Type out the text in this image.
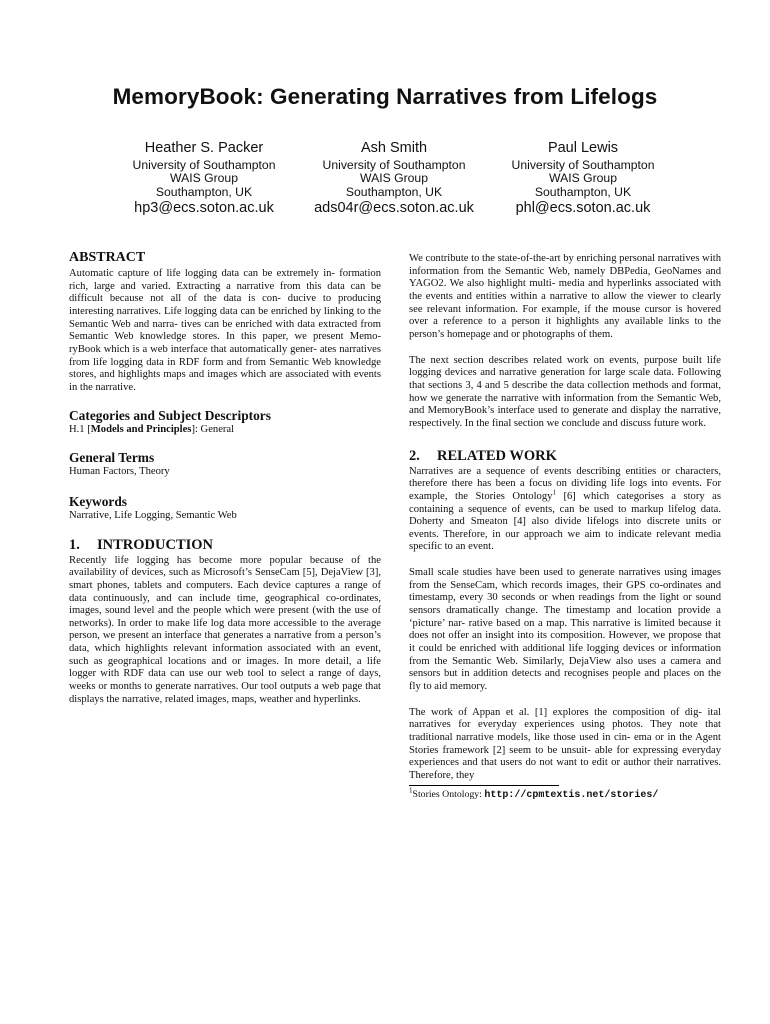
MemoryBook: Generating Narratives from Lifelogs
Heather S. Packer
University of Southampton
WAIS Group
Southampton, UK
hp3@ecs.soton.ac.uk
Ash Smith
University of Southampton
WAIS Group
Southampton, UK
ads04r@ecs.soton.ac.uk
Paul Lewis
University of Southampton
WAIS Group
Southampton, UK
phl@ecs.soton.ac.uk
ABSTRACT

Automatic capture of life logging data can be extremely in- formation rich, large and varied. Extracting a narrative from this data can be difficult because not all of the data is con- ducive to producing interesting narratives. Life logging data can be enriched by linking to the Semantic Web and narra- tives can be enriched with data extracted from Semantic Web knowledge stores. In this paper, we present Memo- ryBook which is a web interface that automatically gener- ates narratives from life logging data in RDF form and from Semantic Web knowledge stores, and highlights maps and images which are associated with events in the narrative.

Categories and Subject Descriptors

H.1 [Models and Principles]: General

General Terms

Human Factors, Theory

Keywords

Narrative, Life Logging, Semantic Web

1. INTRODUCTION

Recently life logging has become more popular because of the availability of devices, such as Microsoft’s SenseCam [5], DejaView [3], smart phones, tablets and computers. Each device captures a range of data continuously, and can include time, geographical co-ordinates, images, sound level and the people which were present (with the use of networks). In order to make life log data more accessible to the average person, we present an interface that generates a narrative from a person’s data, which highlights relevant information associated with an event, such as geographical locations and or images. In more detail, a life logger with RDF data can use our web tool to select a range of days, weeks or months to generate narratives. Our tool outputs a web page that displays the narrative, related images, maps, weather and hyperlinks.

We contribute to the state-of-the-art by enriching personal narratives with information from the Semantic Web, namely DBPedia, GeoNames and YAGO2. We also highlight multi- media and hyperlinks associated with the events and entities within a narrative to allow the viewer to clearly see relevant information. For example, if the mouse cursor is hovered over a reference to a person it highlights any available links to the person’s homepage and or photographs of them.

The next section describes related work on events, purpose built life logging devices and narrative generation for large scale data. Following that sections 3, 4 and 5 describe the data collection methods and format, how we generate the narrative with information from the Semantic Web, and MemoryBook’s interface used to generate and display the narrative, respectively. In the final section we conclude and discuss future work.

2. RELATED WORK

Narratives are a sequence of events describing entities or characters, therefore there has been a focus on dividing life logs into events. For example, the Stories Ontology$^1$ [6] which categorises a story as containing a sequence of events, can be used to markup lifelog data. Doherty and Smeaton [4] also divide lifelogs into discrete units or events. Therefore, in our approach we aim to indicate relevant media specific to an event.

Small scale studies have been used to generate narratives using images from the SenseCam, which records images, their GPS co-ordinates and timestamp, every 30 seconds or when readings from the light or sound sensors dramatically change. The timestamp and location provide a ‘picture’ nar- rative based on a map. This narrative is limited because it does not offer an insight into its composition. However, we propose that it could be enriched with additional life logging devices or information from the Semantic Web. Similarly, DejaView also uses a camera and sensors but in addition detects and recognises people and places on the fly to aid memory.

The work of Appan et al. [1] explores the composition of dig- ital narratives for everyday experiences using photos. They note that traditional narrative models, like those used in cin- ema or in the Agent Stories framework [2] seem to be unsuit- able for expressing everyday experiences and that users do not want to edit or author their narratives. Therefore, they

$^1$Stories Ontology: http://cpmtextis.net/stories/
